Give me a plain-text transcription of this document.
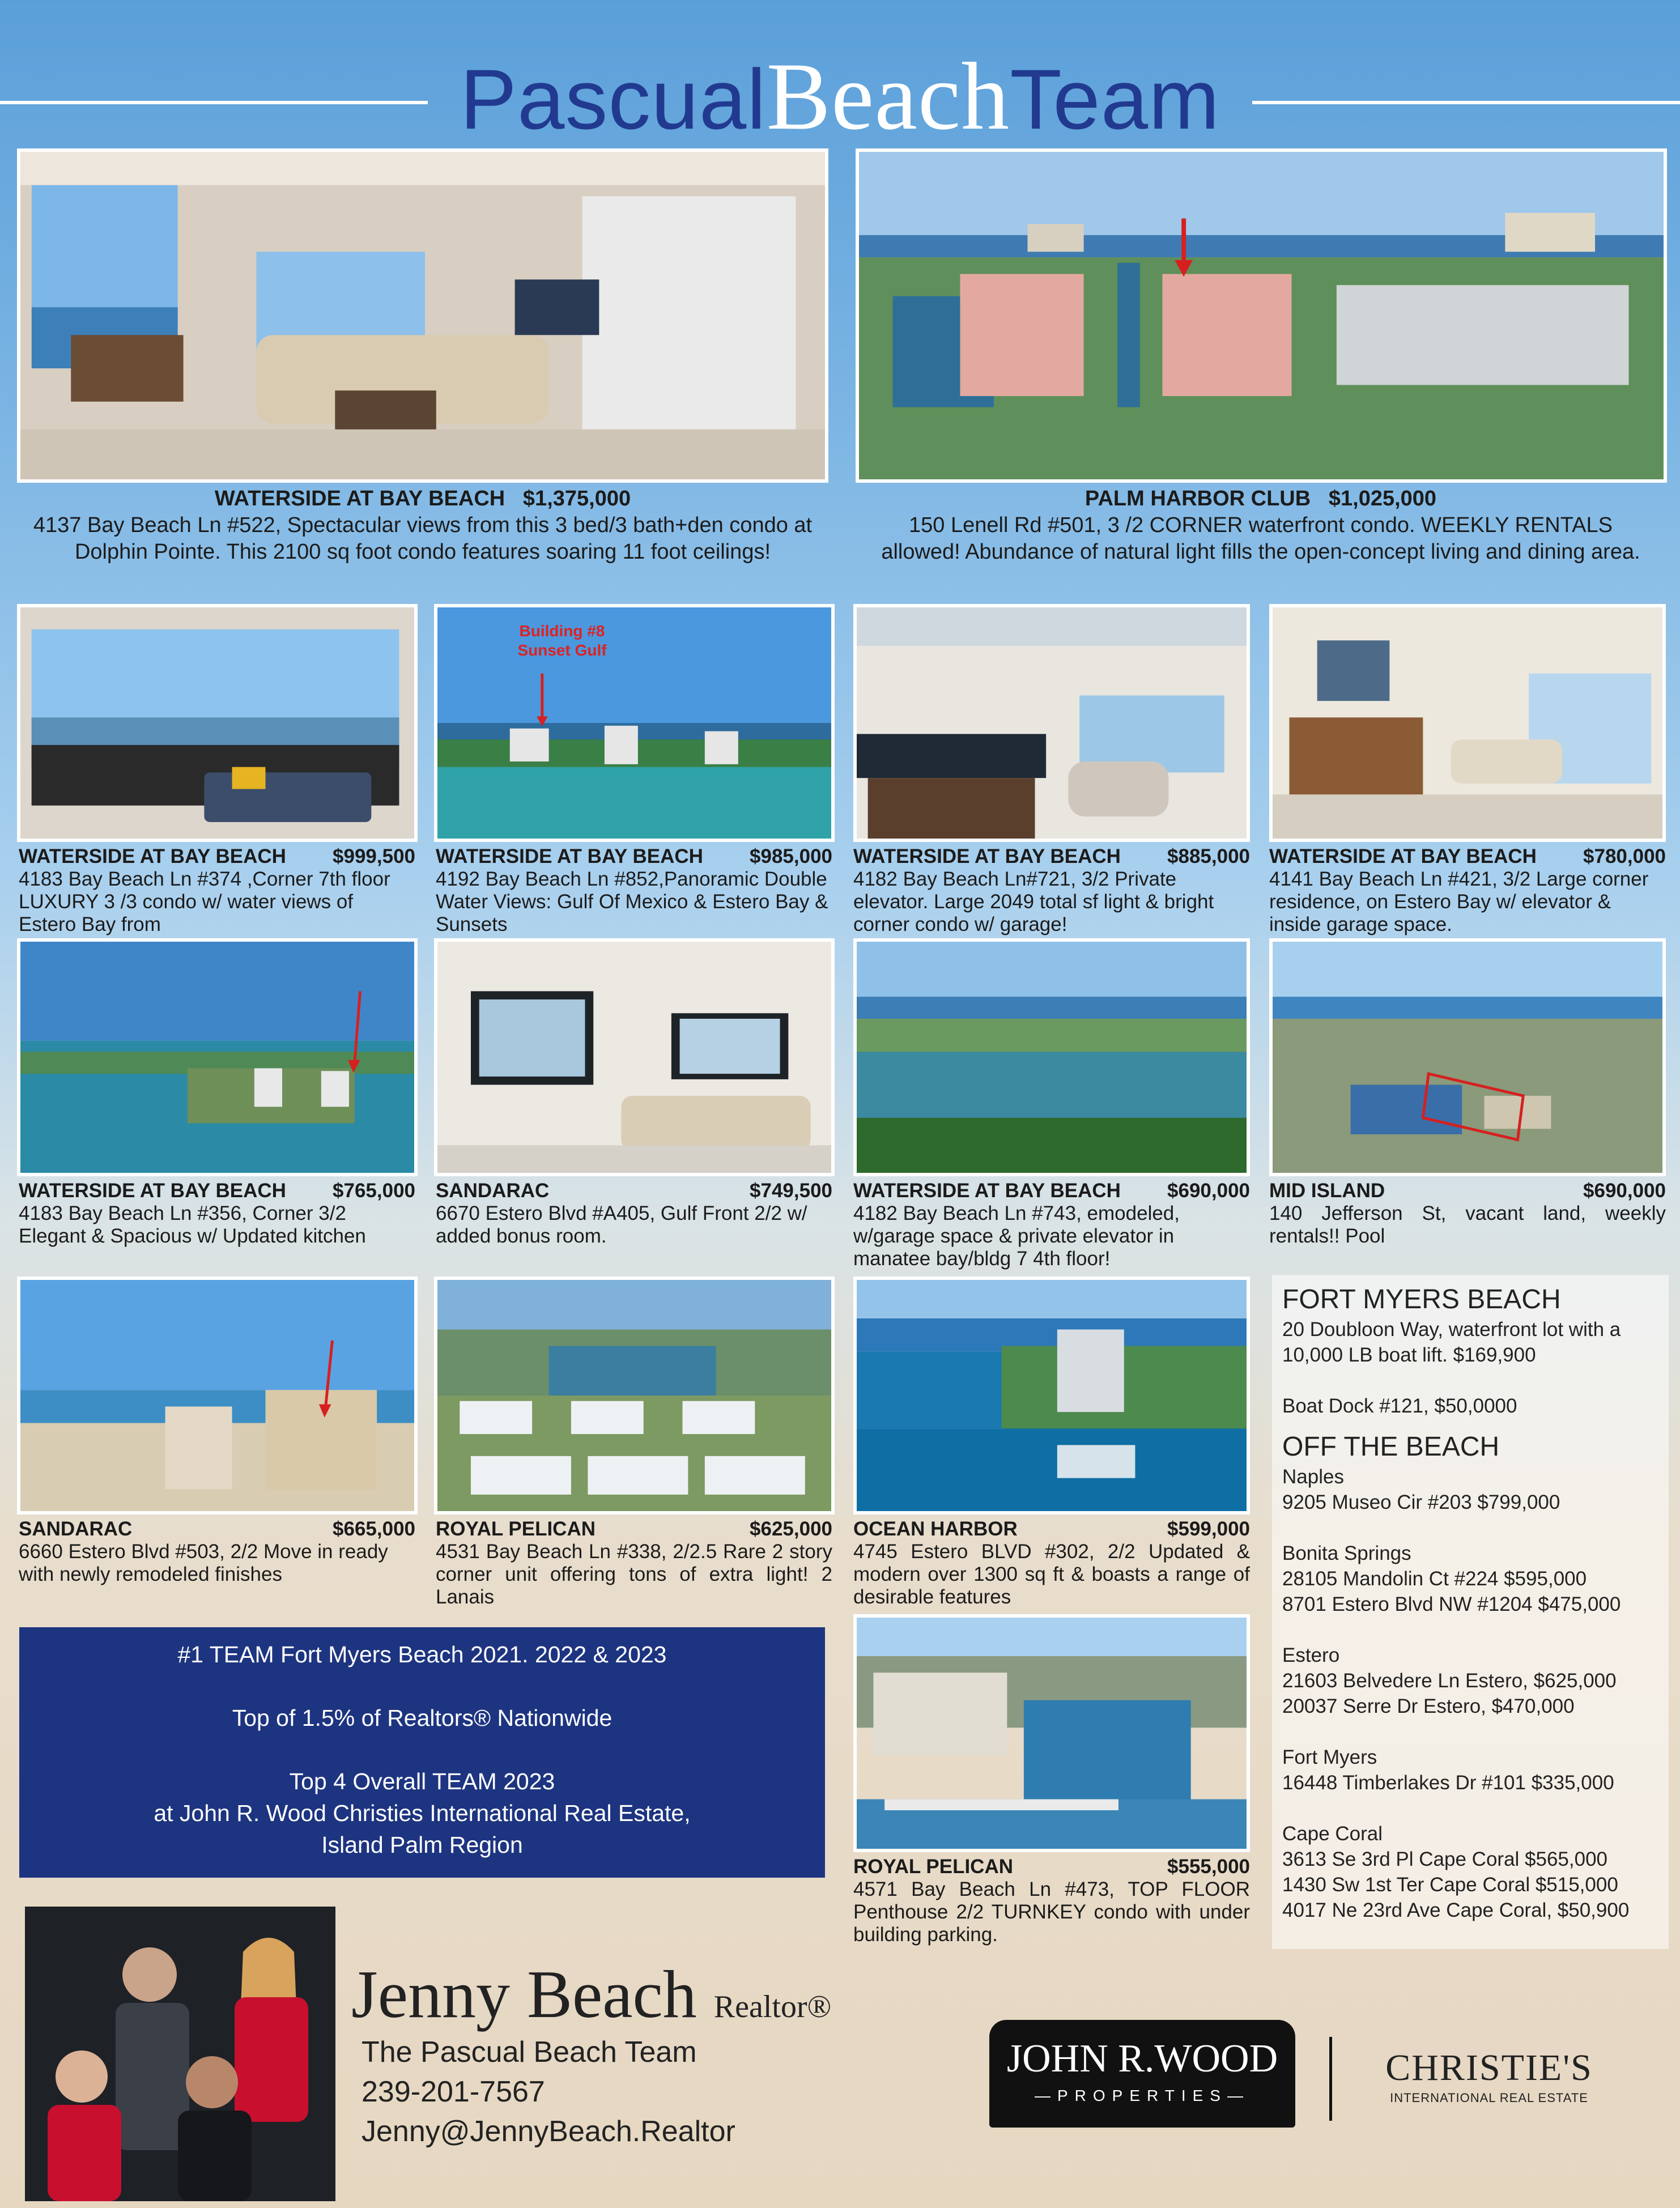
PascualBeachTeam
WATERSIDE AT BAY BEACH $1,375,000
4137 Bay Beach Ln #522, Spectacular views from this 3 bed/3 bath+den condo at Dolphin Pointe. This 2100 sq foot condo features soaring 11 foot ceilings!
PALM HARBOR CLUB $1,025,000
150 Lenell Rd #501, 3 /2 CORNER waterfront condo. WEEKLY RENTALS allowed! Abundance of natural light fills the open-concept living and dining area.
Building #8
Sunset Gulf
WATERSIDE AT BAY BEACH $999,500
4183 Bay Beach Ln #374 ,Corner 7th floor LUXURY 3 /3 condo w/ water views of Estero Bay from
WATERSIDE AT BAY BEACH $985,000
4192 Bay Beach Ln #852,Panoramic Double Water Views: Gulf Of Mexico & Estero Bay & Sunsets
WATERSIDE AT BAY BEACH $885,000
4182 Bay Beach Ln#721, 3/2 Private elevator. Large 2049 total sf light & bright corner condo w/ garage!
WATERSIDE AT BAY BEACH $780,000
4141 Bay Beach Ln #421, 3/2 Large corner residence, on Estero Bay w/ elevator & inside garage space.
WATERSIDE AT BAY BEACH $765,000
4183 Bay Beach Ln #356, Corner 3/2 Elegant & Spacious w/ Updated kitchen
SANDARAC	$749,500
6670 Estero Blvd #A405, Gulf Front 2/2 w/ added bonus room.
WATERSIDE AT BAY BEACH $690,000
4182 Bay Beach Ln #743, emodeled, w/garage space & private elevator in manatee bay/bldg 7 4th floor!
MID ISLAND	$690,000
140 Jefferson St, vacant land, weekly rentals!! Pool
SANDARAC	$665,000
6660 Estero Blvd #503, 2/2 Move in ready with newly remodeled finishes
ROYAL PELICAN	$625,000
4531 Bay Beach Ln #338, 2/2.5 Rare 2 story corner unit offering tons of extra light! 2 Lanais
OCEAN HARBOR	$599,000
4745 Estero BLVD #302, 2/2 Updated & modern over 1300 sq ft & boasts a range of desirable features
ROYAL PELICAN	$555,000
4571 Bay Beach Ln #473, TOP FLOOR Penthouse 2/2 TURNKEY condo with under building parking.

#1 TEAM Fort Myers Beach 2021. 2022 & 2023

Top of 1.5% of Realtors® Nationwide

Top 4 Overall TEAM 2023

at John R. Wood Christies International Real Estate,

Island Palm Region

FORT MYERS BEACH
20 Doubloon Way, waterfront lot with a 10,000 LB boat lift. $169,900
Boat Dock #121, $50,0000
OFF THE BEACH
Naples
9205 Museo Cir #203 $799,000
Bonita Springs
28105 Mandolin Ct #224 $595,000
8701 Estero Blvd NW #1204 $475,000
Estero
21603 Belvedere Ln Estero, $625,000
20037 Serre Dr Estero, $470,000
Fort Myers
16448 Timberlakes Dr #101 $335,000
Cape Coral
3613 Se 3rd Pl Cape Coral $565,000
1430 Sw 1st Ter Cape Coral $515,000
4017 Ne 23rd Ave Cape Coral, $50,900
Jenny Beach Realtor®
The Pascual Beach Team
239-201-7567
Jenny@JennyBeach.Realtor
JOHN R.WOOD
—PROPERTIES—
CHRISTIE'S
INTERNATIONAL REAL ESTATE
